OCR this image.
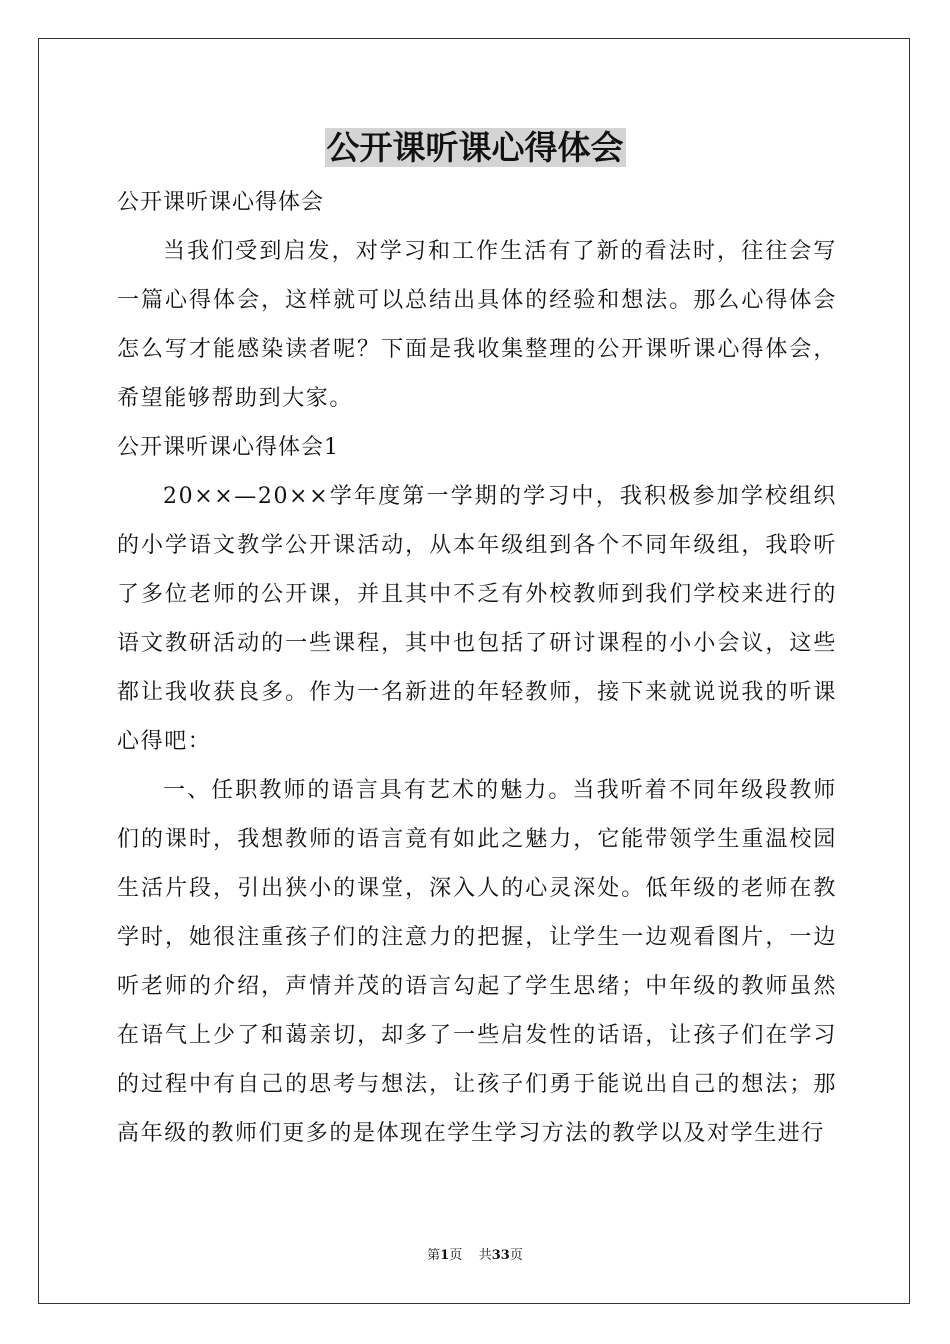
公开课听课心得体会

公开课听课心得体会

当我们受到启发，对学习和工作生活有了新的看法时，往往会写一篇心得体会，这样就可以总结出具体的经验和想法。那么心得体会怎么写才能感染读者呢？下面是我收集整理的公开课听课心得体会，希望能够帮助到大家。

公开课听课心得体会1

20××—20××学年度第一学期的学习中，我积极参加学校组织的小学语文教学公开课活动，从本年级组到各个不同年级组，我聆听了多位老师的公开课，并且其中不乏有外校教师到我们学校来进行的语文教研活动的一些课程，其中也包括了研讨课程的小小会议，这些都让我收获良多。作为一名新进的年轻教师，接下来就说说我的听课心得吧：

一、任职教师的语言具有艺术的魅力。当我听着不同年级段教师们的课时，我想教师的语言竟有如此之魅力，它能带领学生重温校园生活片段，引出狭小的课堂，深入人的心灵深处。低年级的老师在教学时，她很注重孩子们的注意力的把握，让学生一边观看图片，一边听老师的介绍，声情并茂的语言勾起了学生思绪；中年级的教师虽然在语气上少了和蔼亲切，却多了一些启发性的话语，让孩子们在学习的过程中有自己的思考与想法，让孩子们勇于能说出自己的想法；那高年级的教师们更多的是体现在学生学习方法的教学以及对学生进行

第1页 共33页
